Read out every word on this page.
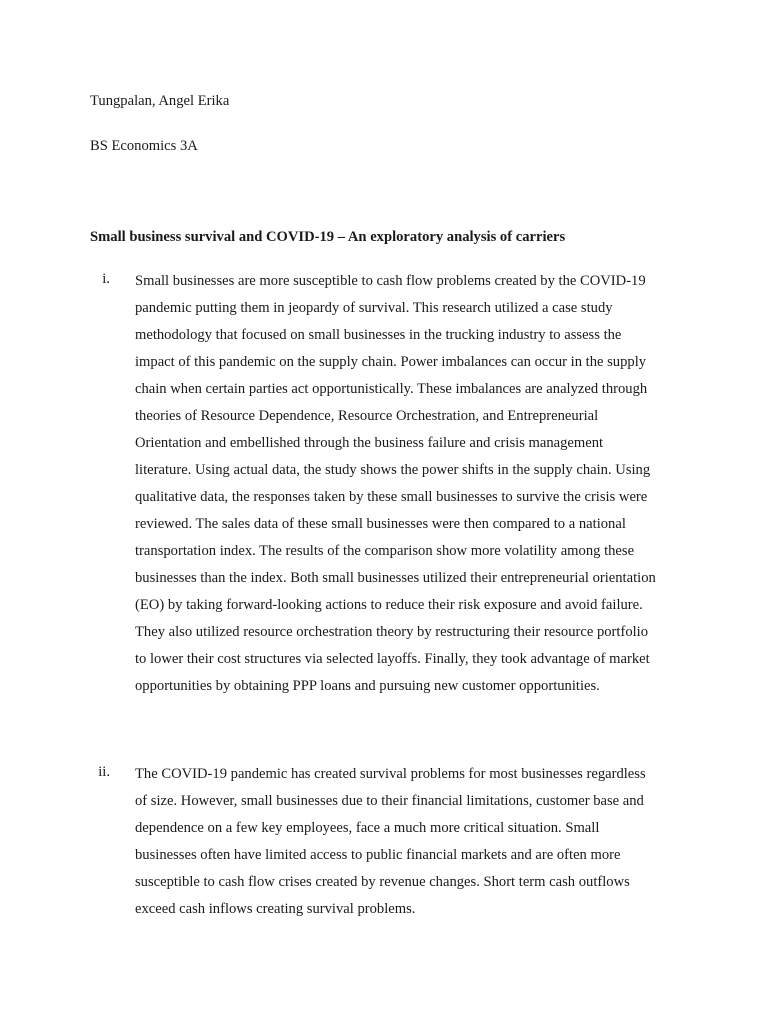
Tungpalan, Angel Erika
BS Economics 3A
Small business survival and COVID-19 – An exploratory analysis of carriers
i. Small businesses are more susceptible to cash flow problems created by the COVID-19
pandemic putting them in jeopardy of survival. This research utilized a case study
methodology that focused on small businesses in the trucking industry to assess the
impact of this pandemic on the supply chain. Power imbalances can occur in the supply
chain when certain parties act opportunistically. These imbalances are analyzed through
theories of Resource Dependence, Resource Orchestration, and Entrepreneurial
Orientation and embellished through the business failure and crisis management
literature. Using actual data, the study shows the power shifts in the supply chain. Using
qualitative data, the responses taken by these small businesses to survive the crisis were
reviewed. The sales data of these small businesses were then compared to a national
transportation index. The results of the comparison show more volatility among these
businesses than the index. Both small businesses utilized their entrepreneurial orientation
(EO) by taking forward-looking actions to reduce their risk exposure and avoid failure.
They also utilized resource orchestration theory by restructuring their resource portfolio
to lower their cost structures via selected layoffs. Finally, they took advantage of market
opportunities by obtaining PPP loans and pursuing new customer opportunities.
ii. The COVID-19 pandemic has created survival problems for most businesses regardless
of size. However, small businesses due to their financial limitations, customer base and
dependence on a few key employees, face a much more critical situation. Small
businesses often have limited access to public financial markets and are often more
susceptible to cash flow crises created by revenue changes. Short term cash outflows
exceed cash inflows creating survival problems.
